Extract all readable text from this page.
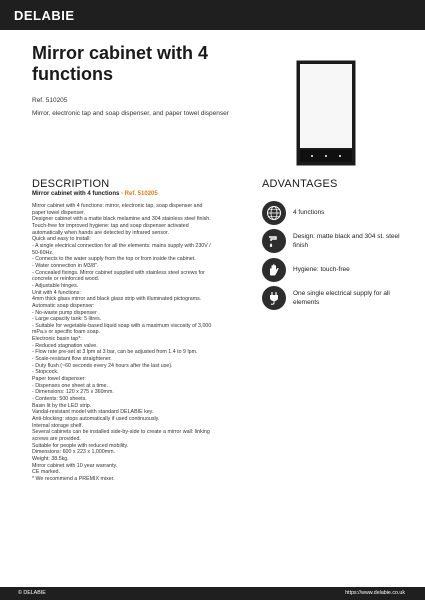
DELABIE
Mirror cabinet with 4
functions
Ref. 510205
Mirror, electronic tap and soap dispenser, and paper towel dispenser
DESCRIPTION
Mirror cabinet with 4 functions - Ref. 510205
Mirror cabinet with 4 functions: mirror, electronic tap, soap dispenser and
paper towel dispenser.
Designer cabinet with a matte black melamine and 304 stainless steel finish.
Touch-free for improved hygiene: tap and soap dispenser activated
automatically when hands are detected by infrared sensor.
Quick and easy to install:
- A single electrical connection for all the elements: mains supply with 230V /
50-60Hz.
- Connects to the water supply from the top or from inside the cabinet.
- Water connection in M3/8".
- Concealed fixings. Mirror cabinet supplied with stainless steel screws for
concrete or reinforced wood.
- Adjustable hinges.
Unit with 4 functions:
4mm thick glass mirror and black glass strip with illuminated pictograms.
Automatic soap dispenser:
- No-waste pump dispenser
- Large capacity tank: 5 litres.
- Suitable for vegetable-based liquid soap with a maximum viscosity of 3,000
mPa.s or specific foam soap.
Electronic basin tap*:
- Reduced stagnation valve.
- Flow rate pre-set at 3 lpm at 3 bar, can be adjusted from 1.4 to 9 lpm.
- Scale-resistant flow straightener.
- Duty flush (~60 seconds every 24 hours after the last use).
- Stopcock.
Paper towel dispenser:
- Dispenses one sheet at a time.
- Dimensions: 120 x 275 x 360mm.
- Contents: 500 sheets.
Basin lit by the LED strip.
Vandal-resistant model with standard DELABIE key.
Anti-blocking: stops automatically if used continuously.
Internal storage shelf.
Several cabinets can be installed side-by-side to create a mirror wall: linking
screws are provided.
Suitable for people with reduced mobility.
Dimensions: 600 x 223 x 1,000mm.
Weight: 38.5kg.
Mirror cabinet with 10 year warranty.
CE marked.
* We recommend a PREMIX mixer.
ADVANTAGES
4 functions
Design: matte black and 304 st. steel
finish
Hygiene: touch-free
One single electrical supply for all
elements
© DELABIE	https://www.delabie.co.uk
